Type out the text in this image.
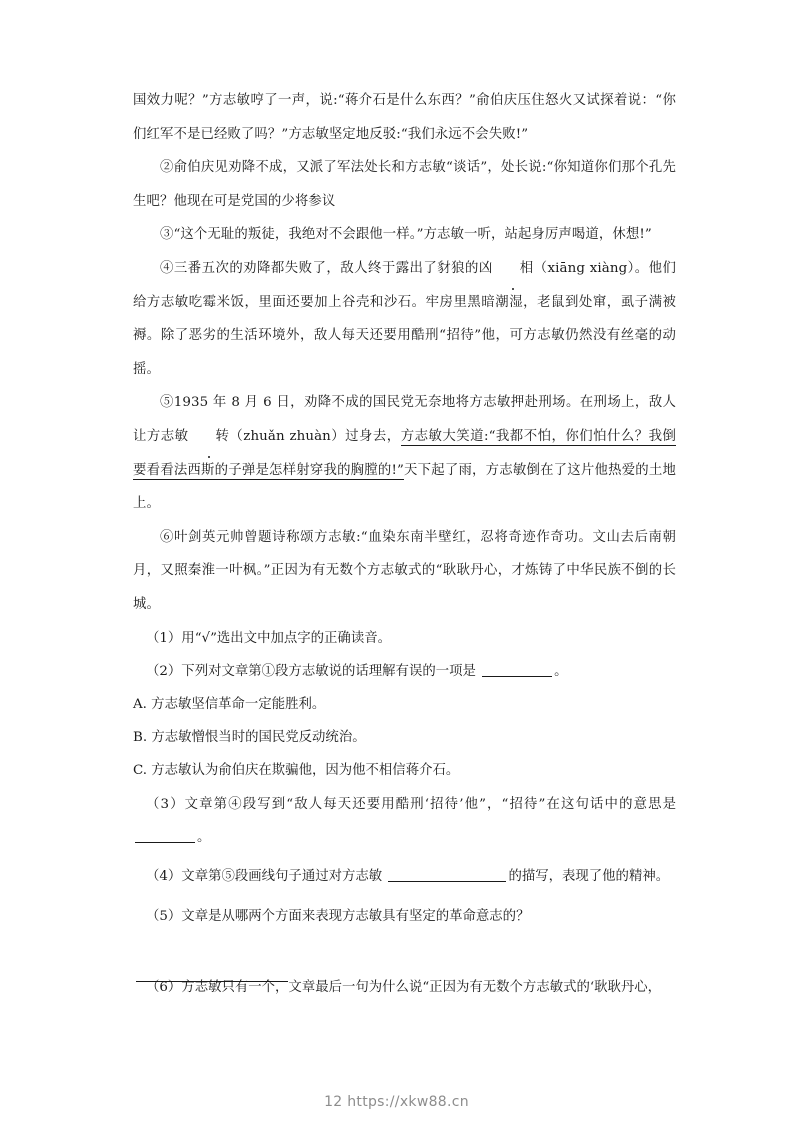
国效力呢？”方志敏哼了一声，说:“蒋介石是什么东西？”俞伯庆压住怒火又试探着说：“你们红军不是已经败了吗？”方志敏坚定地反驳:“我们永远不会失败!”

②俞伯庆见劝降不成，又派了军法处长和方志敏“谈话”，处长说:“你知道你们那个孔先生吧？他现在可是党国的少将参议

③“这个无耻的叛徒，我绝对不会跟他一样。”方志敏一听，站起身厉声喝道，休想!”

④三番五次的劝降都失败了，敌人终于露出了豺狼的凶 相（xiāng xiàng）。他们给方志敏吃霉米饭，里面还要加上谷壳和沙石。牢房里黑暗潮湿，老鼠到处窜，虱子满被褥。除了恶劣的生活环境外，敌人每天还要用酷刑“招待”他，可方志敏仍然没有丝毫的动摇。

⑤1935 年 8 月 6 日，劝降不成的国民党无奈地将方志敏押赴刑场。在刑场上，敌人让方志敏 转（zhuǎn zhuàn）过身去，方志敏大笑道:“我都不怕，你们怕什么？我倒要看看法西斯的子弹是怎样射穿我的胸膛的!”天下起了雨，方志敏倒在了这片他热爱的土地上。

⑥叶剑英元帅曾题诗称颂方志敏:“血染东南半壁红，忍将奇迹作奇功。文山去后南朝月，又照秦淮一叶枫。”正因为有无数个方志敏式的“耿耿丹心，才炼铸了中华民族不倒的长城。

（1）用“√”选出文中加点字的正确读音。

（2）下列对文章第①段方志敏说的话理解有误的一项是	。

A. 方志敏坚信革命一定能胜利。

B. 方志敏憎恨当时的国民党反动统治。

C. 方志敏认为俞伯庆在欺骗他，因为他不相信蒋介石。

（3）文章第④段写到“敌人每天还要用酷刑‘招待’他”，“招待”在这句话中的意思是。

（4）文章第⑤段画线句子通过对方志敏	的描写，表现了他的精神。

（5）文章是从哪两个方面来表现方志敏具有坚定的革命意志的？

（6）方志敏只有一个，文章最后一句为什么说“正因为有无数个方志敏式的‘耿耿丹心，

12 https://xkw88.cn
